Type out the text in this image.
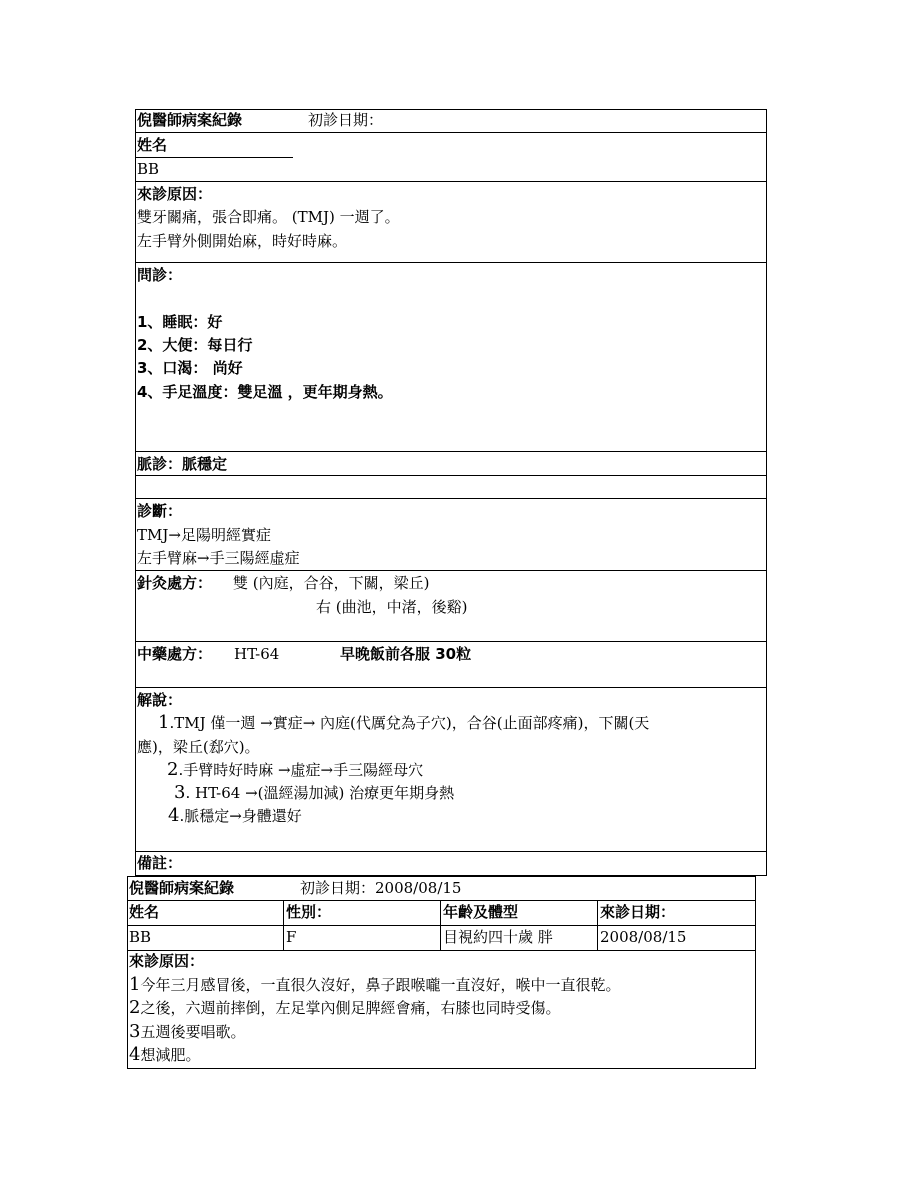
倪醫師病案紀錄	初診日期：
姓名
BB
來診原因：
雙牙關痛，張合即痛。 (TMJ) 一週了。
左手臂外側開始麻，時好時麻。
問診：
1、睡眠：好
2、大便：每日行
3、口渴： 尚好
4、手足溫度：雙足溫 ，更年期身熱。
脈診：脈穩定
診斷：
TMJ→足陽明經實症
左手臂麻→手三陽經虛症
針灸處方： 雙 (內庭，合谷，下關，梁丘)
右 (曲池，中渚，後谿)
中藥處方： HT-64	早晚飯前各服 30粒
解說：
1.TMJ 僅一週 →實症→ 內庭(代厲兌為子穴)，合谷(止面部疼痛)，下關(天
應)，梁丘(郄穴)。
2.手臂時好時麻 →虛症→手三陽經母穴
3. HT-64 →(溫經湯加減) 治療更年期身熱
4.脈穩定→身體還好
備註：
倪醫師病案紀錄	初診日期：2008/08/15
姓名	性別：	年齡及體型	來診日期：
BB	F	目視約四十歲 胖	2008/08/15
來診原因：
1今年三月感冒後，一直很久沒好，鼻子跟喉嚨一直沒好，喉中一直很乾。
2之後，六週前摔倒，左足掌內側足脾經會痛，右膝也同時受傷。
3五週後要唱歌。
4想減肥。
